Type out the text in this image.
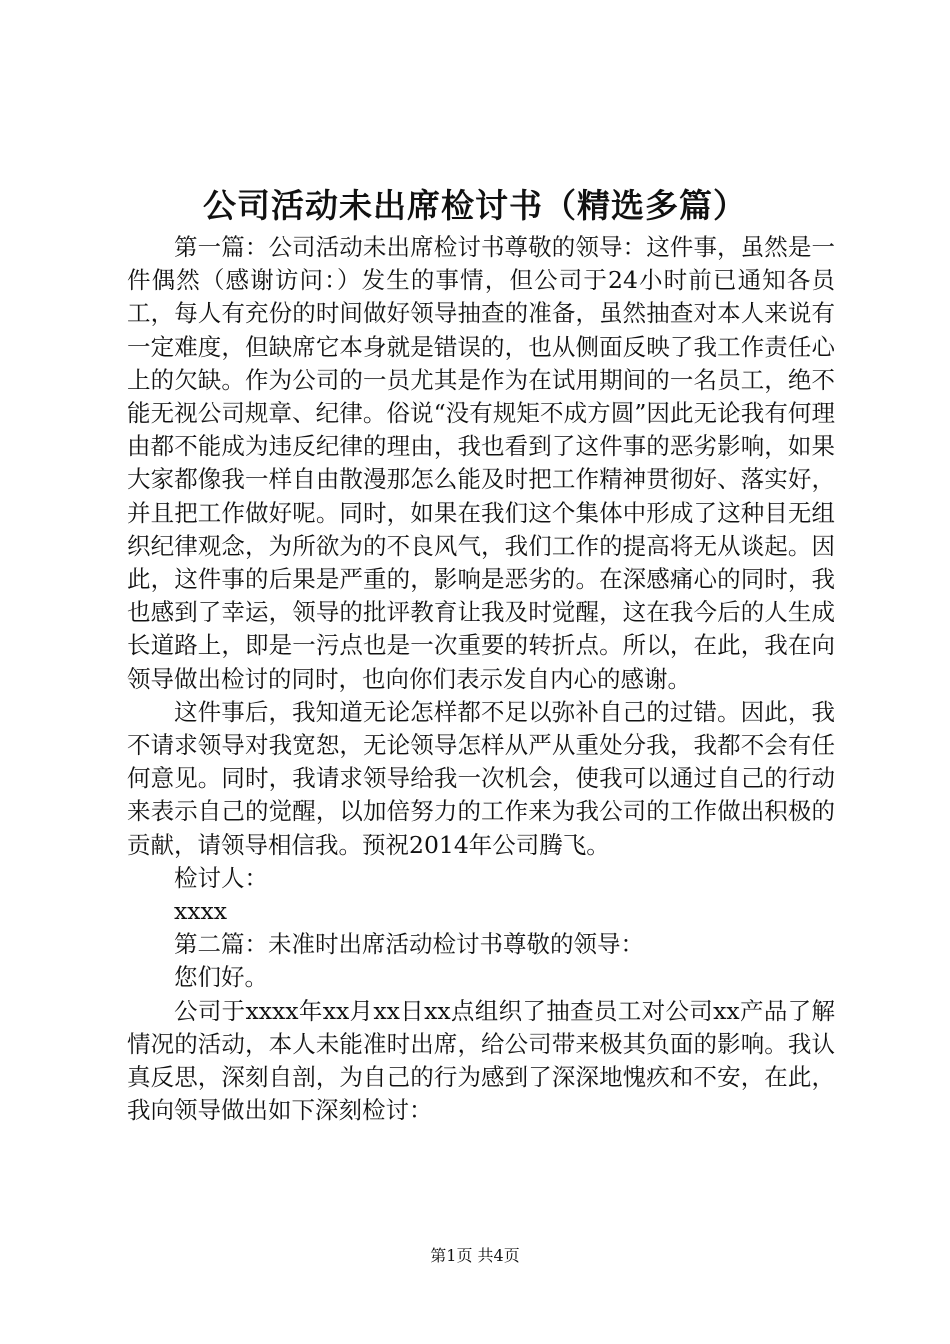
公司活动未出席检讨书（精选多篇）

第一篇：公司活动未出席检讨书尊敬的领导：这件事，虽然是一件偶然（感谢访问：）发生的事情，但公司于24小时前已通知各员工，每人有充份的时间做好领导抽查的准备，虽然抽查对本人来说有一定难度，但缺席它本身就是错误的，也从侧面反映了我工作责任心上的欠缺。作为公司的一员尤其是作为在试用期间的一名员工，绝不能无视公司规章、纪律。俗说“没有规矩不成方圆”因此无论我有何理由都不能成为违反纪律的理由，我也看到了这件事的恶劣影响，如果大家都像我一样自由散漫那怎么能及时把工作精神贯彻好、落实好，并且把工作做好呢。同时，如果在我们这个集体中形成了这种目无组织纪律观念，为所欲为的不良风气，我们工作的提高将无从谈起。因此，这件事的后果是严重的，影响是恶劣的。在深感痛心的同时，我也感到了幸运，领导的批评教育让我及时觉醒，这在我今后的人生成长道路上，即是一污点也是一次重要的转折点。所以，在此，我在向领导做出检讨的同时，也向你们表示发自内心的感谢。

这件事后，我知道无论怎样都不足以弥补自己的过错。因此，我不请求领导对我宽恕，无论领导怎样从严从重处分我，我都不会有任何意见。同时，我请求领导给我一次机会，使我可以通过自己的行动来表示自己的觉醒，以加倍努力的工作来为我公司的工作做出积极的贡献，请领导相信我。预祝2014年公司腾飞。

检讨人：

xxxx

第二篇：未准时出席活动检讨书尊敬的领导：

您们好。

公司于xxxx年xx月xx日xx点组织了抽查员工对公司xx产品了解情况的活动，本人未能准时出席，给公司带来极其负面的影响。我认真反思，深刻自剖，为自己的行为感到了深深地愧疚和不安，在此，我向领导做出如下深刻检讨：

第1页 共4页
